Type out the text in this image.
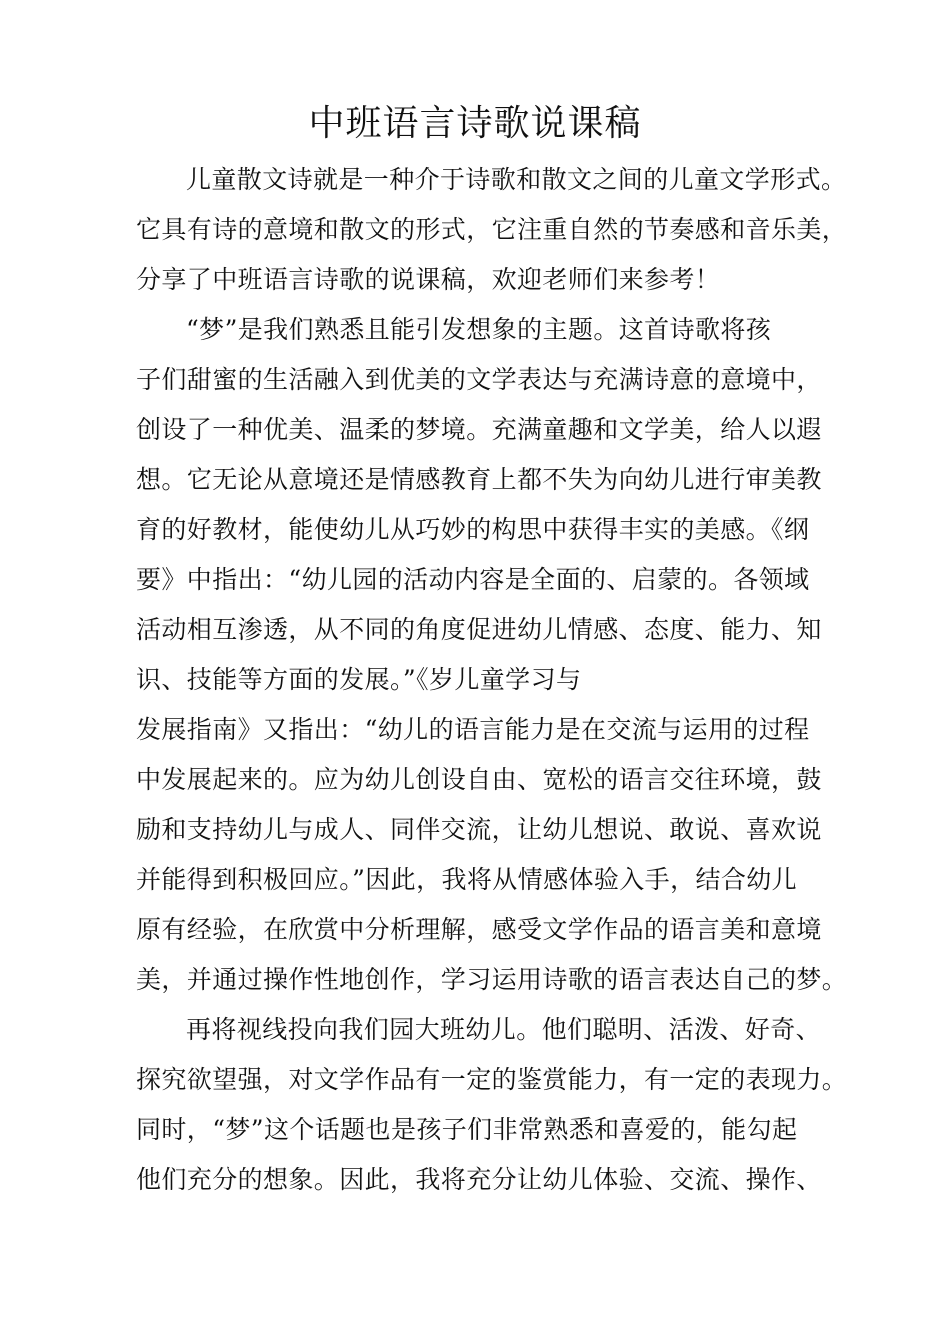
中班语言诗歌说课稿
儿童散文诗就是一种介于诗歌和散文之间的儿童文学形式。
它具有诗的意境和散文的形式，它注重自然的节奏感和音乐美，
分享了中班语言诗歌的说课稿，欢迎老师们来参考！
“梦”是我们熟悉且能引发想象的主题。这首诗歌将孩
子们甜蜜的生活融入到优美的文学表达与充满诗意的意境中，
创设了一种优美、温柔的梦境。充满童趣和文学美，给人以遐
想。它无论从意境还是情感教育上都不失为向幼儿进行审美教
育的好教材，能使幼儿从巧妙的构思中获得丰实的美感。《纲
要》中指出：“幼儿园的活动内容是全面的、启蒙的。各领域
活动相互渗透，从不同的角度促进幼儿情感、态度、能力、知
识、技能等方面的发展。”《岁儿童学习与
发展指南》又指出：“幼儿的语言能力是在交流与运用的过程
中发展起来的。应为幼儿创设自由、宽松的语言交往环境，鼓
励和支持幼儿与成人、同伴交流，让幼儿想说、敢说、喜欢说
并能得到积极回应。”因此，我将从情感体验入手，结合幼儿
原有经验，在欣赏中分析理解，感受文学作品的语言美和意境
美，并通过操作性地创作，学习运用诗歌的语言表达自己的梦。
再将视线投向我们园大班幼儿。他们聪明、活泼、好奇、
探究欲望强，对文学作品有一定的鉴赏能力，有一定的表现力。
同时，“梦”这个话题也是孩子们非常熟悉和喜爱的，能勾起
他们充分的想象。因此，我将充分让幼儿体验、交流、操作、
